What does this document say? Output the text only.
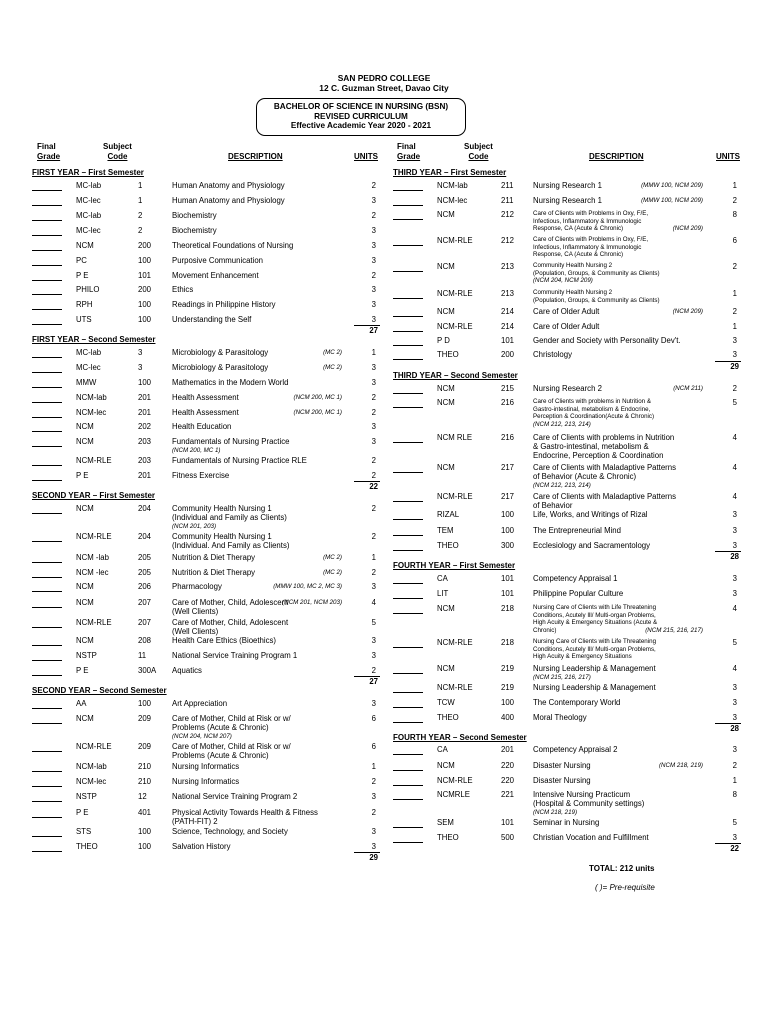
SAN PEDRO COLLEGE
12 C. Guzman Street, Davao City
BACHELOR OF SCIENCE IN NURSING (BSN)
REVISED CURRICULUM
Effective Academic Year 2020 - 2021
Final
Grade
Subject
Code	DESCRIPTION	UNITS
Final
Grade
Subject
Code	DESCRIPTION	UNITS
FIRST YEAR – First Semester
MC-lab	1	Human Anatomy and Physiology	2
MC-lec	1	Human Anatomy and Physiology	3
MC-lab	2	Biochemistry	2
MC-lec	2	Biochemistry	3
NCM	200	Theoretical Foundations of Nursing	3
PC	100	Purposive Communication	3
P E	101	Movement Enhancement	2
PHILO	200	Ethics	3
RPH	100	Readings in Philippine History	3
UTS	100	Understanding the Self	3
27
FIRST YEAR – Second Semester
MC-lab	3	Microbiology & Parasitology	(MC 2)	1
MC-lec	3	Microbiology & Parasitology	(MC 2)	3
MMW	100	Mathematics in the Modern World	3
NCM-lab	201	Health Assessment	(NCM 200, MC 1)	2
NCM-lec	201	Health Assessment	(NCM 200, MC 1)	2
NCM	202	Health Education	3
NCM	203	Fundamentals of Nursing Practice
(NCM 200, MC 1)
3
NCM-RLE	203	Fundamentals of Nursing Practice RLE	2
P E	201	Fitness Exercise	2
22
SECOND YEAR – First Semester
NCM	204	Community Health Nursing 1
(Individual and Family as Clients)
(NCM 201, 203)
2
NCM-RLE	204	Community Health Nursing 1
(Individual. And Family as Clients)
2
NCM -lab	205	Nutrition & Diet Therapy	(MC 2)	1
NCM -lec	205	Nutrition & Diet Therapy	(MC 2)	2
NCM	206	Pharmacology	(MMW 100, MC 2, MC 3)	3
NCM	207	Care of Mother, Child, Adolescent
(NCM 201, NCM 203)
(Well Clients)
4
NCM-RLE	207	Care of Mother, Child, Adolescent
(Well Clients)
5
NCM	208	Health Care Ethics (Bioethics)	3
NSTP	11	National Service Training Program 1	3
P E	300A Aquatics	2
27
SECOND YEAR – Second Semester
AA	100	Art Appreciation	3
NCM	209	Care of Mother, Child at Risk or w/
Problems (Acute & Chronic)
(NCM 204, NCM 207)
6
NCM-RLE	209	Care of Mother, Child at Risk or w/
Problems (Acute & Chronic)
6
NCM-lab	210	Nursing Informatics	1
NCM-lec	210	Nursing Informatics	2
NSTP	12	National Service Training Program 2	3
P E	401	Physical Activity Towards Health & Fitness
(PATH-FIT) 2
2
STS	100	Science, Technology, and Society	3
THEO	100	Salvation History	3
29
THIRD YEAR – First Semester
NCM-lab	211	Nursing Research 1	(MMW 100, NCM 209)	1
NCM-lec	211	Nursing Research 1	(MMW 100, NCM 209)	2
NCM	212	Care of Clients with Problems in Oxy, F/E,
Infectious, Inflammatory & Immunologic
Response, CA (Acute & Chronic)	(NCM 209)
8
NCM-RLE	212	Care of Clients with Problems in Oxy, F/E,
Infectious, Inflammatory & Immunologic
Response, CA (Acute & Chronic)
6
NCM	213	Community Health Nursing 2
(Population, Groups, & Community as Clients)
(NCM 204, NCM 209)
2
NCM-RLE	213	Community Health Nursing 2
(Population, Groups, & Community as Clients)
1
NCM	214 Care of Older Adult	(NCM 209)	2
NCM-RLE	214 Care of Older Adult	1
P D	101 Gender and Society with Personality Dev't.	3
THEO	200 Christology	3
29
THIRD YEAR – Second Semester
NCM	215 Nursing Research 2	(NCM 211)	2
NCM	216	Care of Clients with problems in Nutrition &
Gastro-intestinal, metabolism & Endocrine,
Perception & Coordination(Acute & Chronic)
(NCM 212, 213, 214)
5
NCM RLE	216 Care of Clients with problems in Nutrition
& Gastro-intestinal, metabolism &
Endocrine, Perception & Coordination
4
NCM	217 Care of Clients with Maladaptive Patterns
of Behavior (Acute & Chronic)
(NCM 212, 213, 214)
4
NCM-RLE	217 Care of Clients with Maladaptive Patterns
of Behavior
4
RIZAL	100 Life, Works, and Writings of Rizal	3
TEM	100 The Entrepreneurial Mind	3
THEO	300 Ecclesiology and Sacramentology	3
28
FOURTH YEAR – First Semester
CA	101 Competency Appraisal 1	3
LIT	101 Philippine Popular Culture	3
NCM	218	Nursing Care of Clients with Life Threatening
Conditions, Acutely Ill/ Multi-organ Problems,
High Acuity & Emergency Situations (Acute &
Chronic)	(NCM 215, 216, 217)
4
NCM-RLE	218	Nursing Care of Clients with Life Threatening
Conditions, Acutely Ill/ Multi-organ Problems,
High Acuity & Emergency Situations
5
NCM	219 Nursing Leadership & Management
(NCM 215, 216, 217)
4
NCM-RLE	219 Nursing Leadership & Management	3
TCW	100 The Contemporary World	3
THEO	400 Moral Theology	3
28
FOURTH YEAR – Second Semester
CA	201 Competency Appraisal 2	3
NCM	220 Disaster Nursing	(NCM 218, 219)	2
NCM-RLE	220 Disaster Nursing	1
NCMRLE	221 Intensive Nursing Practicum
(Hospital & Community settings)
(NCM 218, 219)
8
SEM	101 Seminar in Nursing	5
THEO	500 Christian Vocation and Fulfillment	3
22
TOTAL: 212 units
( )= Pre-requisite
